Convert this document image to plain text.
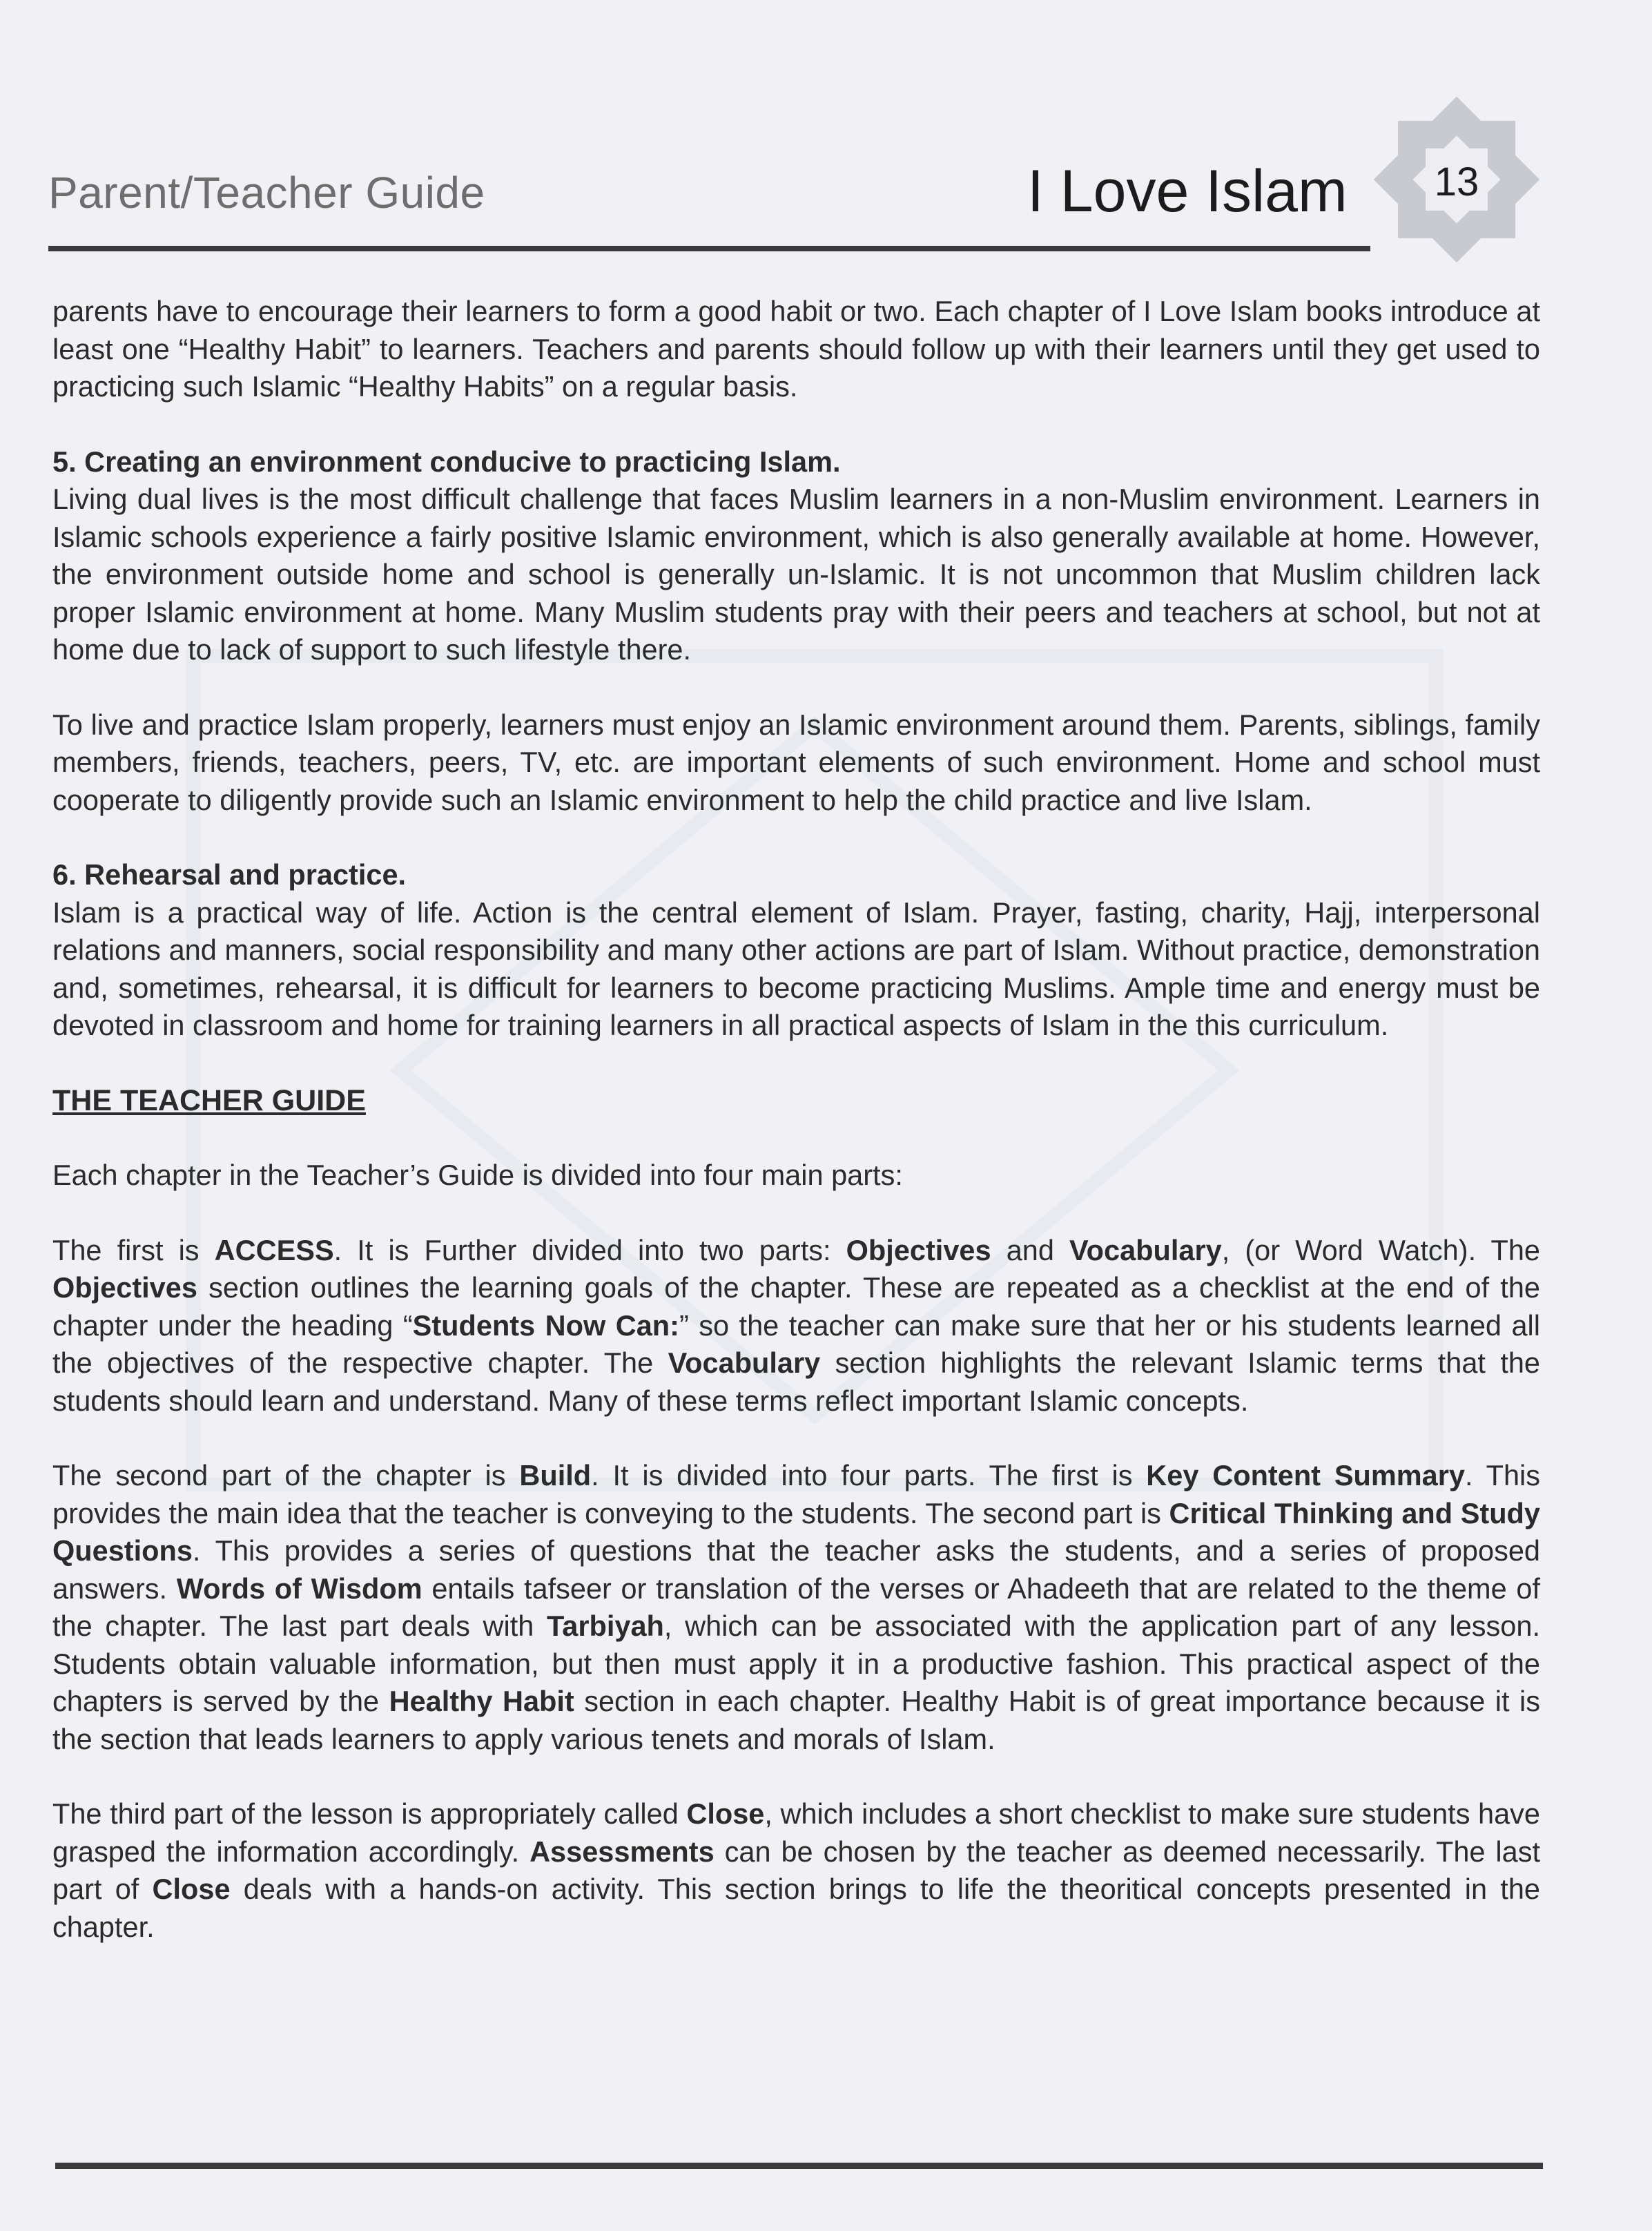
Parent/Teacher Guide	I Love Islam	13

parents have to encourage their learners to form a good habit or two. Each chapter of I Love Islam books introduce at least one “Healthy Habit” to learners. Teachers and parents should follow up with their learners until they get used to practicing such Islamic “Healthy Habits” on a regular basis.

5. Creating an environment conducive to practicing Islam.
Living dual lives is the most difficult challenge that faces Muslim learners in a non-Muslim environment. Learners in Islamic schools experience a fairly positive Islamic environment, which is also generally available at home. However, the environment outside home and school is generally un-Islamic. It is not uncommon that Muslim children lack proper Islamic environment at home. Many Muslim students pray with their peers and teachers at school, but not at home due to lack of support to such lifestyle there.

To live and practice Islam properly, learners must enjoy an Islamic environment around them. Parents, siblings, family members, friends, teachers, peers, TV, etc. are important elements of such environment. Home and school must cooperate to diligently provide such an Islamic environment to help the child practice and live Islam.

6. Rehearsal and practice.
Islam is a practical way of life. Action is the central element of Islam. Prayer, fasting, charity, Hajj, interpersonal relations and manners, social responsibility and many other actions are part of Islam. Without practice, demonstration and, sometimes, rehearsal, it is difficult for learners to become practicing Muslims. Ample time and energy must be devoted in classroom and home for training learners in all practical aspects of Islam in the this curriculum.
THE TEACHER GUIDE

Each chapter in the Teacher’s Guide is divided into four main parts:

The first is ACCESS. It is Further divided into two parts: Objectives and Vocabulary, (or Word Watch). The Objectives section outlines the learning goals of the chapter. These are repeated as a checklist at the end of the chapter under the heading “Students Now Can:” so the teacher can make sure that her or his students learned all the objectives of the respective chapter. The Vocabulary section highlights the relevant Islamic terms that the students should learn and understand. Many of these terms reflect important Islamic concepts.

The second part of the chapter is Build. It is divided into four parts. The first is Key Content Summary. This provides the main idea that the teacher is conveying to the students. The second part is Critical Thinking and Study Questions. This provides a series of questions that the teacher asks the students, and a series of proposed answers. Words of Wisdom entails tafseer or translation of the verses or Ahadeeth that are related to the theme of the chapter. The last part deals with Tarbiyah, which can be associated with the application part of any lesson. Students obtain valuable information, but then must apply it in a productive fashion. This practical aspect of the chapters is served by the Healthy Habit section in each chapter. Healthy Habit is of great importance because it is the section that leads learners to apply various tenets and morals of Islam.

The third part of the lesson is appropriately called Close, which includes a short checklist to make sure students have grasped the information accordingly. Assessments can be chosen by the teacher as deemed necessarily. The last part of Close deals with a hands-on activity. This section brings to life the theoritical concepts presented in the chapter.
